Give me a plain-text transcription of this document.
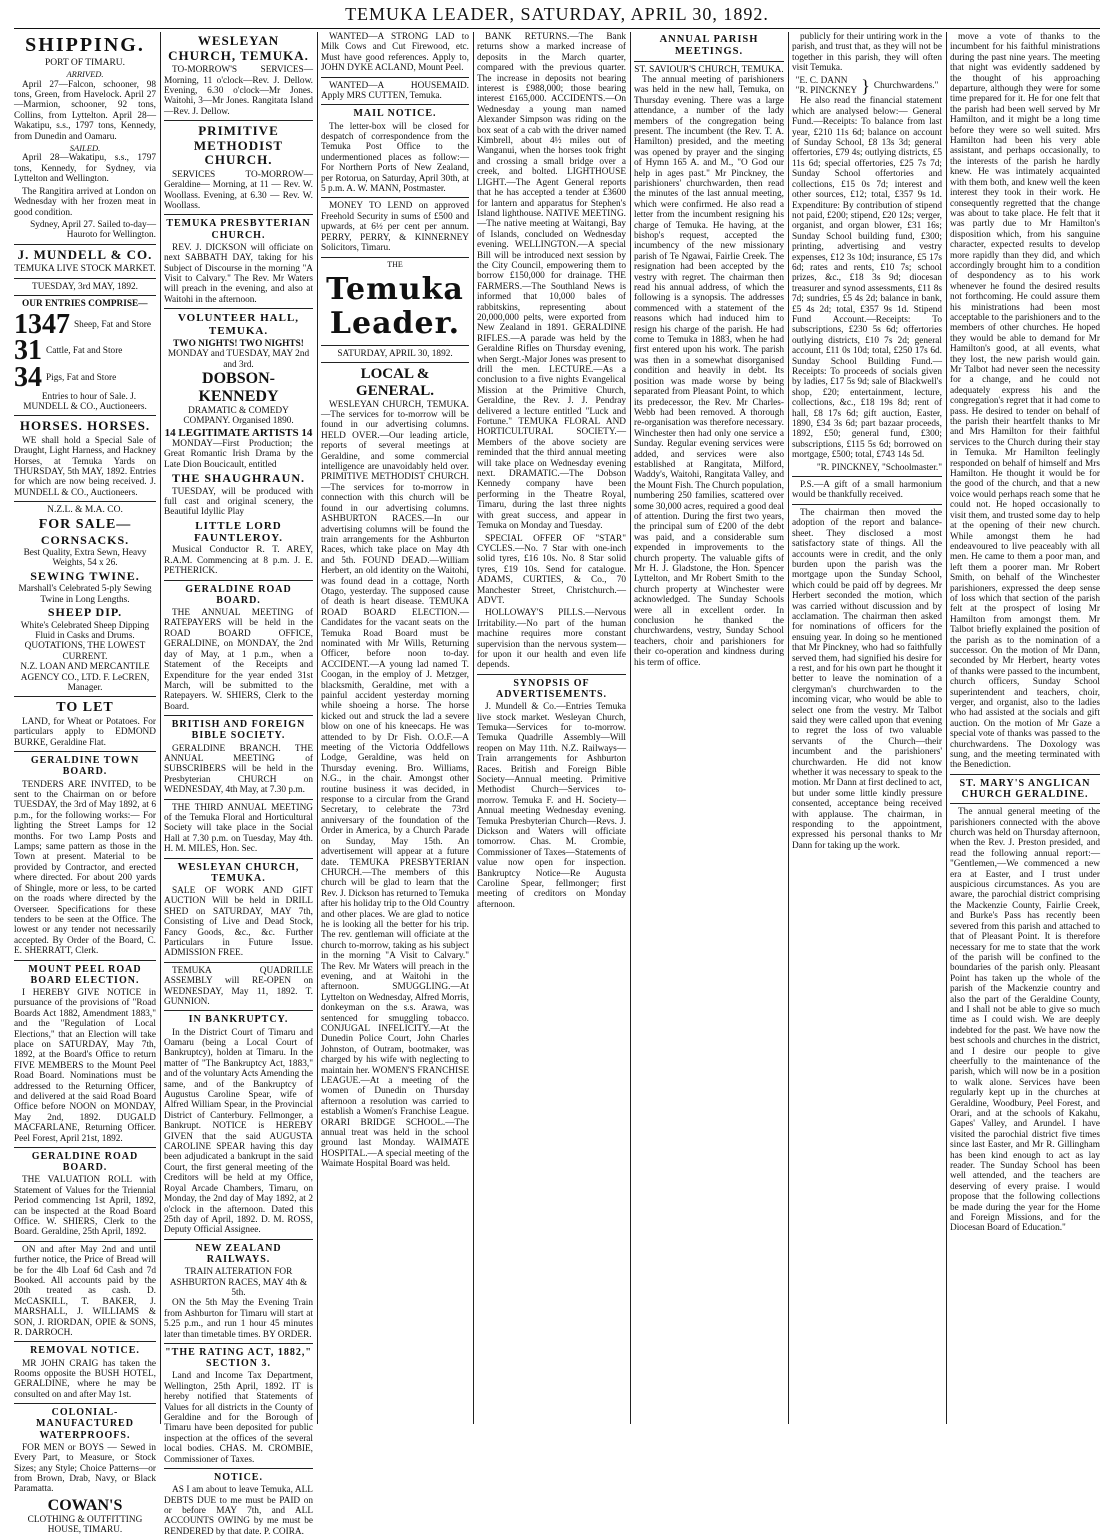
TEMUKA LEADER, SATURDAY, APRIL 30, 1892.
SHIPPING.
PORT OF TIMARU.
ARRIVED.
April 27—Falcon, schooner, 98 tons, Green, from Havelock. April 27—Marmion, schooner, 92 tons, Collins, from Lyttelton. April 28—Wakatipu, s.s., 1797 tons, Kennedy, from Dunedin and Oamaru.
SAILED.
April 28—Wakatipu, s.s., 1797 tons, Kennedy, for Sydney, via Lyttelton and Wellington.
The Rangitira arrived at London on Wednesday with her frozen meat in good condition.
Sydney, April 27. Sailed to-day—Hauroto for Wellington.
J. MUNDELL & CO.
TEMUKA LIVE STOCK MARKET.
TUESDAY, 3rd MAY, 1892.
OUR ENTRIES COMPRISE—
1347 Sheep, Fat and Store
31 Cattle, Fat and Store
34 Pigs, Fat and Store
Entries to hour of Sale. J. MUNDELL & CO., Auctioneers.
HORSES. HORSES.
WE shall hold a Special Sale of Draught, Light Harness, and Hackney Horses, at Temuka Yards on THURSDAY, 5th MAY, 1892. Entries for which are now being received. J. MUNDELL & CO., Auctioneers.
N.Z.L. & M.A. CO.
FOR SALE—
CORNSACKS.
Best Quality, Extra Sewn, Heavy Weights, 54 x 26.
SEWING TWINE.
Marshall's Celebrated 5-ply Sewing Twine in Long Lengths.
SHEEP DIP.
White's Celebrated Sheep Dipping Fluid in Casks and Drums.
QUOTATIONS, THE LOWEST CURRENT.
N.Z. LOAN AND MERCANTILE AGENCY CO., LTD. F. LeCREN, Manager.
TO LET
LAND, for Wheat or Potatoes. For particulars apply to EDMOND BURKE, Geraldine Flat.
GERALDINE TOWN BOARD.
TENDERS ARE INVITED, to be sent to the Chairman on or before TUESDAY, the 3rd of May 1892, at 6 p.m., for the following works:— For lighting the Street Lamps for 12 months. For two Lamp Posts and Lamps; same pattern as those in the Town at present. Material to be provided by Contractor, and erected where directed. For about 200 yards of Shingle, more or less, to be carted on the roads where directed by the Overseer. Specifications for these tenders to be seen at the Office. The lowest or any tender not necessarily accepted. By Order of the Board, C. E. SHERRATT, Clerk.
MOUNT PEEL ROAD BOARD ELECTION.
I HEREBY GIVE NOTICE in pursuance of the provisions of "Road Boards Act 1882, Amendment 1883," and the "Regulation of Local Elections," that an Election will take place on SATURDAY, May 7th, 1892, at the Board's Office to return FIVE MEMBERS to the Mount Peel Road Board. Nominations must be addressed to the Returning Officer, and delivered at the said Road Board Office before NOON on MONDAY, May 2nd, 1892. DUGALD MACFARLANE, Returning Officer. Peel Forest, April 21st, 1892.
GERALDINE ROAD BOARD.
THE VALUATION ROLL with Statement of Values for the Triennial Period commencing 1st April, 1892, can be inspected at the Road Board Office. W. SHIERS, Clerk to the Board. Geraldine, 25th April, 1892.
ON and after May 2nd and until further notice, the Price of Bread will be for the 4lb Loaf 6d Cash and 7d Booked. All accounts paid by the 20th treated as cash. D. McCASKILL, T. BAKER, J. MARSHALL, J. WILLIAMS & SON, J. RIORDAN, OPIE & SONS, R. DARROCH.
REMOVAL NOTICE.
MR JOHN CRAIG has taken the Rooms opposite the BUSH HOTEL, GERALDINE, where he may be consulted on and after May 1st.
COLONIAL-MANUFACTURED WATERPROOFS.
FOR MEN or BOYS — Sewed in Every Part, to Measure, or Stock Sizes; any Style; Choice Patterns—or from Brown, Drab, Navy, or Black Paramatta.
COWAN'S
CLOTHING & OUTFITTING HOUSE, TIMARU.
WESLEYAN CHURCH, TEMUKA.
TO-MORROW'S SERVICES— Morning, 11 o'clock—Rev. J. Dellow. Evening, 6.30 o'clock—Mr Jones. Waitohi, 3—Mr Jones. Rangitata Island—Rev. J. Dellow.
PRIMITIVE METHODIST CHURCH.
SERVICES TO-MORROW— Geraldine— Morning, at 11 — Rev. W. Woollass. Evening, at 6.30 — Rev. W. Woollass.
TEMUKA PRESBYTERIAN CHURCH.
REV. J. DICKSON will officiate on next SABBATH DAY, taking for his Subject of Discourse in the morning "A Visit to Calvary." The Rev. Mr Waters will preach in the evening, and also at Waitohi in the afternoon.
VOLUNTEER HALL, TEMUKA.
TWO NIGHTS! TWO NIGHTS!
MONDAY and TUESDAY, MAY 2nd and 3rd.
DOBSON-KENNEDY
DRAMATIC & COMEDY COMPANY. Organised 1890.
14 LEGITIMATE ARTISTS 14
MONDAY—First Production; the Great Romantic Irish Drama by the Late Dion Boucicault, entitled
THE SHAUGHRAUN.
TUESDAY, will be produced with full cast and original scenery, the Beautiful Idyllic Play
LITTLE LORD FAUNTLEROY.
Musical Conductor R. T. AREY, R.A.M. Commencing at 8 p.m. J. E. PETHERICK.
GERALDINE ROAD BOARD.
THE ANNUAL MEETING of RATEPAYERS will be held in the ROAD BOARD OFFICE, GERALDINE, on MONDAY, the 2nd day of May, at 1 p.m., when a Statement of the Receipts and Expenditure for the year ended 31st March, will be submitted to the Ratepayers. W. SHIERS, Clerk to the Board.
BRITISH AND FOREIGN BIBLE SOCIETY.
GERALDINE BRANCH. THE ANNUAL MEETING of SUBSCRIBERS will be held in the Presbyterian CHURCH on WEDNESDAY, 4th May, at 7.30 p.m.
THE THIRD ANNUAL MEETING of the Temuka Floral and Horticultural Society will take place in the Social Hall at 7.30 p.m. on Tuesday, May 4th. H. M. MILES, Hon. Sec.
WESLEYAN CHURCH, TEMUKA.
SALE OF WORK AND GIFT AUCTION Will be held in DRILL SHED on SATURDAY, MAY 7th, Consisting of Live and Dead Stock, Fancy Goods, &c., &c. Further Particulars in Future Issue. ADMISSION FREE.
TEMUKA QUADRILLE ASSEMBLY will RE-OPEN on WEDNESDAY, May 11, 1892. T. GUNNION.
IN BANKRUPTCY.
In the District Court of Timaru and Oamaru (being a Local Court of Bankruptcy), holden at Timaru. In the matter of "The Bankruptcy Act, 1883," and of the voluntary Acts Amending the same, and of the Bankruptcy of Augustus Caroline Spear, wife of Alfred William Spear, in the Provincial District of Canterbury. Fellmonger, a Bankrupt. NOTICE is HEREBY GIVEN that the said AUGUSTA CAROLINE SPEAR having this day been adjudicated a bankrupt in the said Court, the first general meeting of the Creditors will be held at my Office, Royal Arcade Chambers, Timaru, on Monday, the 2nd day of May 1892, at 2 o'clock in the afternoon. Dated this 25th day of April, 1892. D. M. ROSS, Deputy Official Assignee.
NEW ZEALAND RAILWAYS.
TRAIN ALTERATION FOR ASHBURTON RACES, MAY 4th & 5th.
ON the 5th May the Evening Train from Ashburton for Timaru will start at 5.25 p.m., and run 1 hour 45 minutes later than timetable times. BY ORDER.
"THE RATING ACT, 1882," SECTION 3.
Land and Income Tax Department, Wellington, 25th April, 1892. IT is hereby notified that Statements of Values for all districts in the County of Geraldine and for the Borough of Timaru have been deposited for public inspection at the offices of the several local bodies. CHAS. M. CROMBIE, Commissioner of Taxes.
NOTICE.
AS I am about to leave Temuka, ALL DEBTS DUE to me must be PAID on or before MAY 7th, and ALL ACCOUNTS OWING by me must be RENDERED by that date. P. COIRA.
WANTED—A STRONG LAD to Milk Cows and Cut Firewood, etc. Must have good references. Apply to, JOHN DYKE ACLAND, Mount Peel.
WANTED—A HOUSEMAID. Apply MRS CUTTEN, Temuka.
MAIL NOTICE.
The letter-box will be closed for despatch of correspondence from the Temuka Post Office to the undermentioned places as follow:— For Northern Ports of New Zealand, per Rotorua, on Saturday, April 30th, at 5 p.m. A. W. MANN, Postmaster.
MONEY TO LEND on approved Freehold Security in sums of £500 and upwards, at 6½ per cent per annum. PERRY, PERRY, & KINNERNEY Solicitors, Timaru.
THE
Temuka Leader.
SATURDAY, APRIL 30, 1892.
LOCAL & GENERAL.
WESLEYAN CHURCH, TEMUKA.—The services for to-morrow will be found in our advertising columns. HELD OVER.—Our leading article, reports of several meetings at Geraldine, and some commercial intelligence are unavoidably held over. PRIMITIVE METHODIST CHURCH.—The services for to-morrow in connection with this church will be found in our advertising columns. ASHBURTON RACES.—In our advertising columns will be found the train arrangements for the Ashburton Races, which take place on May 4th and 5th. FOUND DEAD.—William Herbert, an old identity on the Waitohi, was found dead in a cottage, North Otago, yesterday. The supposed cause of death is heart disease. TEMUKA ROAD BOARD ELECTION.—Candidates for the vacant seats on the Temuka Road Board must be nominated with Mr Wills, Returning Officer, before noon to-day. ACCIDENT.—A young lad named T. Coogan, in the employ of J. Metzger, blacksmith, Geraldine, met with a painful accident yesterday morning while shoeing a horse. The horse kicked out and struck the lad a severe blow on one of his kneecaps. He was attended to by Dr Fish. O.O.F.—A meeting of the Victoria Oddfellows Lodge, Geraldine, was held on Thursday evening. Bro. Williams, N.G., in the chair. Amongst other routine business it was decided, in response to a circular from the Grand Secretary, to celebrate the 73rd anniversary of the foundation of the Order in America, by a Church Parade on Sunday, May 15th. An advertisement will appear at a future date. TEMUKA PRESBYTERIAN CHURCH.—The members of this church will be glad to learn that the Rev. J. Dickson has returned to Temuka after his holiday trip to the Old Country and other places. We are glad to notice he is looking all the better for his trip. The rev. gentleman will officiate at the church to-morrow, taking as his subject in the morning "A Visit to Calvary." The Rev. Mr Waters will preach in the evening, and at Waitohi in the afternoon. SMUGGLING.—At Lyttelton on Wednesday, Alfred Morris, donkeyman on the s.s. Arawa, was sentenced for smuggling tobacco. CONJUGAL INFELICITY.—At the Dunedin Police Court, John Charles Johnston, of Outram, bootmaker, was charged by his wife with neglecting to maintain her. WOMEN'S FRANCHISE LEAGUE.—At a meeting of the women of Dunedin on Thursday afternoon a resolution was carried to establish a Women's Franchise League. ORARI BRIDGE SCHOOL.—The annual treat was held in the school ground last Monday. WAIMATE HOSPITAL.—A special meeting of the Waimate Hospital Board was held.
BANK RETURNS.—The Bank returns show a marked increase of deposits in the March quarter, compared with the previous quarter. The increase in deposits not bearing interest is £988,000; those bearing interest £165,000. ACCIDENTS.—On Wednesday a young man named Alexander Simpson was riding on the box seat of a cab with the driver named Kimbrell, about 4½ miles out of Wanganui, when the horses took fright and crossing a small bridge over a creek, and bolted. LIGHTHOUSE LIGHT.—The Agent General reports that he has accepted a tender at £3600 for lantern and apparatus for Stephen's Island lighthouse. NATIVE MEETING.—The native meeting at Waitangi, Bay of Islands, concluded on Wednesday evening. WELLINGTON.—A special Bill will be introduced next session by the City Council, empowering them to borrow £150,000 for drainage. THE FARMERS.—The Southland News is informed that 10,000 bales of rabbitskins, representing about 20,000,000 pelts, were exported from New Zealand in 1891. GERALDINE RIFLES.—A parade was held by the Geraldine Rifles on Thursday evening, when Sergt.-Major Jones was present to drill the men. LECTURE.—As a conclusion to a five nights Evangelical Mission at the Primitive Church, Geraldine, the Rev. J. J. Pendray delivered a lecture entitled "Luck and Fortune." TEMUKA FLORAL AND HORTICULTURAL SOCIETY.—Members of the above society are reminded that the third annual meeting will take place on Wednesday evening next. DRAMATIC.—The Dobson Kennedy company have been performing in the Theatre Royal, Timaru, during the last three nights with great success, and appear in Temuka on Monday and Tuesday.
SPECIAL OFFER OF "STAR" CYCLES.—No. 7 Star with one-inch solid tyres, £16 10s. No. 8 Star solid tyres, £19 10s. Send for catalogue. ADAMS, CURTIES, & Co., 70 Manchester Street, Christchurch.—ADVT.
HOLLOWAY'S PILLS.—Nervous Irritability.—No part of the human machine requires more constant supervision than the nervous system—for upon it our health and even life depends.
SYNOPSIS OF ADVERTISEMENTS.
J. Mundell & Co.—Entries Temuka live stock market. Wesleyan Church, Temuka—Services for to-morrow. Temuka Quadrille Assembly—Will reopen on May 11th. N.Z. Railways—Train arrangements for Ashburton Races. British and Foreign Bible Society—Annual meeting. Primitive Methodist Church—Services to-morrow. Temuka F. and H. Society—Annual meeting Wednesday evening. Temuka Presbyterian Church—Revs. J. Dickson and Waters will officiate tomorrow. Chas. M. Crombie, Commissioner of Taxes—Statements of value now open for inspection. Bankruptcy Notice—Re Augusta Caroline Spear, fellmonger; first meeting of creditors on Monday afternoon.
ANNUAL PARISH MEETINGS.
ST. SAVIOUR'S CHURCH, TEMUKA.
The annual meeting of parishioners was held in the new hall, Temuka, on Thursday evening. There was a large attendance, a number of the lady members of the congregation being present. The incumbent (the Rev. T. A. Hamilton) presided, and the meeting was opened by prayer and the singing of Hymn 165 A. and M., "O God our help in ages past." Mr Pinckney, the parishioners' churchwarden, then read the minutes of the last annual meeting, which were confirmed. He also read a letter from the incumbent resigning his charge of Temuka. He having, at the bishop's request, accepted the incumbency of the new missionary parish of Te Ngawai, Fairlie Creek. The resignation had been accepted by the vestry with regret. The chairman then read his annual address, of which the following is a synopsis. The addresses commenced with a statement of the reasons which had induced him to resign his charge of the parish. He had come to Temuka in 1883, when he had first entered upon his work. The parish was then in a somewhat disorganised condition and heavily in debt. Its position was made worse by being separated from Pleasant Point, to which its predecessor, the Rev. Mr Charles-Webb had been removed. A thorough re-organisation was therefore necessary. Winchester then had only one service a Sunday. Regular evening services were added, and services were also established at Rangitata, Milford, Waddy's, Waitohi, Rangitata Valley, and the Mount Fish. The Church population, numbering 250 families, scattered over some 30,000 acres, required a good deal of attention. During the first two years, the principal sum of £200 of the debt was paid, and a considerable sum expended in improvements to the church property. The valuable gifts of Mr H. J. Gladstone, the Hon. Spencer Lyttelton, and Mr Robert Smith to the church property at Winchester were acknowledged. The Sunday Schools were all in excellent order. In conclusion he thanked the churchwardens, vestry, Sunday School teachers, choir and parishioners for their co-operation and kindness during his term of office.
publicly for their untiring work in the parish, and trust that, as they will not be together in this parish, they will often visit Temuka.
"E. C. DANN
"R. PINCKNEY } Churchwardens."
He also read the financial statement which are analysed below:— General Fund.—Receipts: To balance from last year, £210 11s 6d; balance on account of Sunday School, £8 13s 3d; general offertories, £79 4s; outlying districts, £5 11s 6d; special offertories, £25 7s 7d; Sunday School offertories and collections, £15 0s 7d; interest and other sources, £12; total, £357 9s 1d. Expenditure: By contribution of stipend not paid, £200; stipend, £20 12s; verger, organist, and organ blower, £31 16s; Sunday School building fund, £300; printing, advertising and vestry expenses, £12 3s 10d; insurance, £5 17s 6d; rates and rents, £10 7s; school prizes, &c., £18 3s 9d; diocesan treasurer and synod assessments, £11 8s 7d; sundries, £5 4s 2d; balance in bank, £5 4s 2d; total, £357 9s 1d. Stipend Fund Account.—Receipts: To subscriptions, £230 5s 6d; offertories outlying districts, £10 7s 2d; general account, £11 0s 10d; total, £250 17s 6d. Sunday School Building Fund.—Receipts: To proceeds of socials given by ladies, £17 5s 9d; sale of Blackwell's shop, £20; entertainment, lecture, collections, &c., £18 19s 8d; rent of hall, £8 17s 6d; gift auction, Easter, 1890, £34 3s 6d; part bazaar proceeds, 1892, £50; general fund, £300; subscriptions, £115 5s 6d; borrowed on mortgage, £500; total, £743 14s 5d.
"R. PINCKNEY, "Schoolmaster."
P.S.—A gift of a small harmonium would be thankfully received.
The chairman then moved the adoption of the report and balance-sheet. They disclosed a most satisfactory state of things. All the accounts were in credit, and the only burden upon the parish was the mortgage upon the Sunday School, which could be paid off by degrees. Mr Herbert seconded the motion, which was carried without discussion and by acclamation. The chairman then asked for nominations of officers for the ensuing year. In doing so he mentioned that Mr Pinckney, who had so faithfully served them, had signified his desire for a rest, and for his own part he thought it better to leave the nomination of a clergyman's churchwarden to the incoming vicar, who would be able to select one from the vestry. Mr Talbot said they were called upon that evening to regret the loss of two valuable servants of the Church—their incumbent and the parishioners' churchwarden. He did not know whether it was necessary to speak to the motion. Mr Dann at first declined to act, but under some little kindly pressure consented, acceptance being received with applause. The chairman, in responding to the appointment, expressed his personal thanks to Mr Dann for taking up the work.
move a vote of thanks to the incumbent for his faithful ministrations during the past nine years. The meeting that night was evidently saddened by the thought of his approaching departure, although they were for some time prepared for it. He for one felt that the parish had been well served by Mr Hamilton, and it might be a long time before they were so well suited. Mrs Hamilton had been his very able assistant, and perhaps occasionally, to the interests of the parish he hardly knew. He was intimately acquainted with them both, and knew well the keen interest they took in their work. He consequently regretted that the change was about to take place. He felt that it was partly due to Mr Hamilton's disposition which, from his sanguine character, expected results to develop more rapidly than they did, and which accordingly brought him to a condition of despondency as to his work whenever he found the desired results not forthcoming. He could assure them his ministrations had been most acceptable to the parishioners and to the members of other churches. He hoped they would be able to demand for Mr Hamilton's good, at all events, what they lost, the new parish would gain. Mr Talbot had never seen the necessity for a change, and he could not adequately express his and the congregation's regret that it had come to pass. He desired to tender on behalf of the parish their heartfelt thanks to Mr and Mrs Hamilton for their faithful services to the Church during their stay in Temuka. Mr Hamilton feelingly responded on behalf of himself and Mrs Hamilton. He thought it would be for the good of the church, and that a new voice would perhaps reach some that he could not. He hoped occasionally to visit them, and trusted some day to help at the opening of their new church. While amongst them he had endeavoured to live peaceably with all men. He came to them a poor man, and left them a poorer man. Mr Robert Smith, on behalf of the Winchester parishioners, expressed the deep sense of loss which that section of the parish felt at the prospect of losing Mr Hamilton from amongst them. Mr Talbot briefly explained the position of the parish as to the nomination of a successor. On the motion of Mr Dann, seconded by Mr Herbert, hearty votes of thanks were passed to the incumbent, church officers, Sunday School superintendent and teachers, choir, verger, and organist, also to the ladies who had assisted at the socials and gift auction. On the motion of Mr Gaze a special vote of thanks was passed to the churchwardens. The Doxology was sung, and the meeting terminated with the Benediction.
ST. MARY'S ANGLICAN CHURCH GERALDINE.
The annual general meeting of the parishioners connected with the above church was held on Thursday afternoon, when the Rev. J. Preston presided, and read the following annual report:— "Gentlemen,—We commenced a new era at Easter, and I trust under auspicious circumstances. As you are aware, the parochial district comprising the Mackenzie County, Fairlie Creek, and Burke's Pass has recently been severed from this parish and attached to that of Pleasant Point. It is therefore necessary for me to state that the work of the parish will be confined to the boundaries of the parish only. Pleasant Point has taken up the whole of the parish of the Mackenzie country and also the part of the Geraldine County, and I shall not be able to give so much time as I could wish. We are deeply indebted for the past. We have now the best schools and churches in the district, and I desire our people to give cheerfully to the maintenance of the parish, which will now be in a position to walk alone. Services have been regularly kept up in the churches at Geraldine, Woodbury, Peel Forest, and Orari, and at the schools of Kakahu, Gapes' Valley, and Arundel. I have visited the parochial district five times since last Easter, and Mr R. Gillingham has been kind enough to act as lay reader. The Sunday School has been well attended, and the teachers are deserving of every praise. I would propose that the following collections be made during the year for the Home and Foreign Missions, and for the Diocesan Board of Education."
